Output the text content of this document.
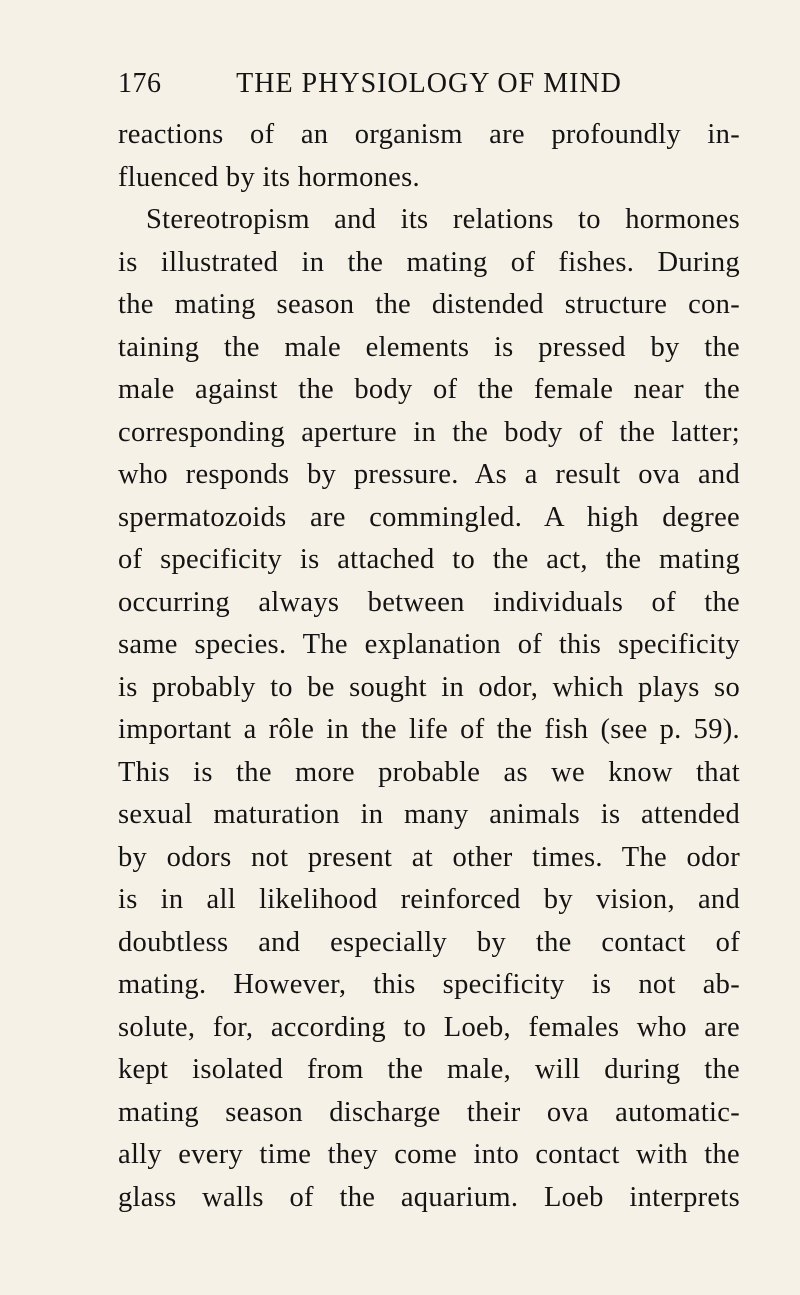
176	THE PHYSIOLOGY OF MIND
reactions of an organism are profoundly in-
fluenced by its hormones.
Stereotropism and its relations to hormones
is illustrated in the mating of fishes. During
the mating season the distended structure con-
taining the male elements is pressed by the
male against the body of the female near the
corresponding aperture in the body of the latter;
who responds by pressure. As a result ova and
spermatozoids are commingled. A high degree
of specificity is attached to the act, the mating
occurring always between individuals of the
same species. The explanation of this specificity
is probably to be sought in odor, which plays so
important a rôle in the life of the fish (see p. 59).
This is the more probable as we know that
sexual maturation in many animals is attended
by odors not present at other times. The odor
is in all likelihood reinforced by vision, and
doubtless and especially by the contact of
mating. However, this specificity is not ab-
solute, for, according to Loeb, females who are
kept isolated from the male, will during the
mating season discharge their ova automatic-
ally every time they come into contact with the
glass walls of the aquarium. Loeb interprets
